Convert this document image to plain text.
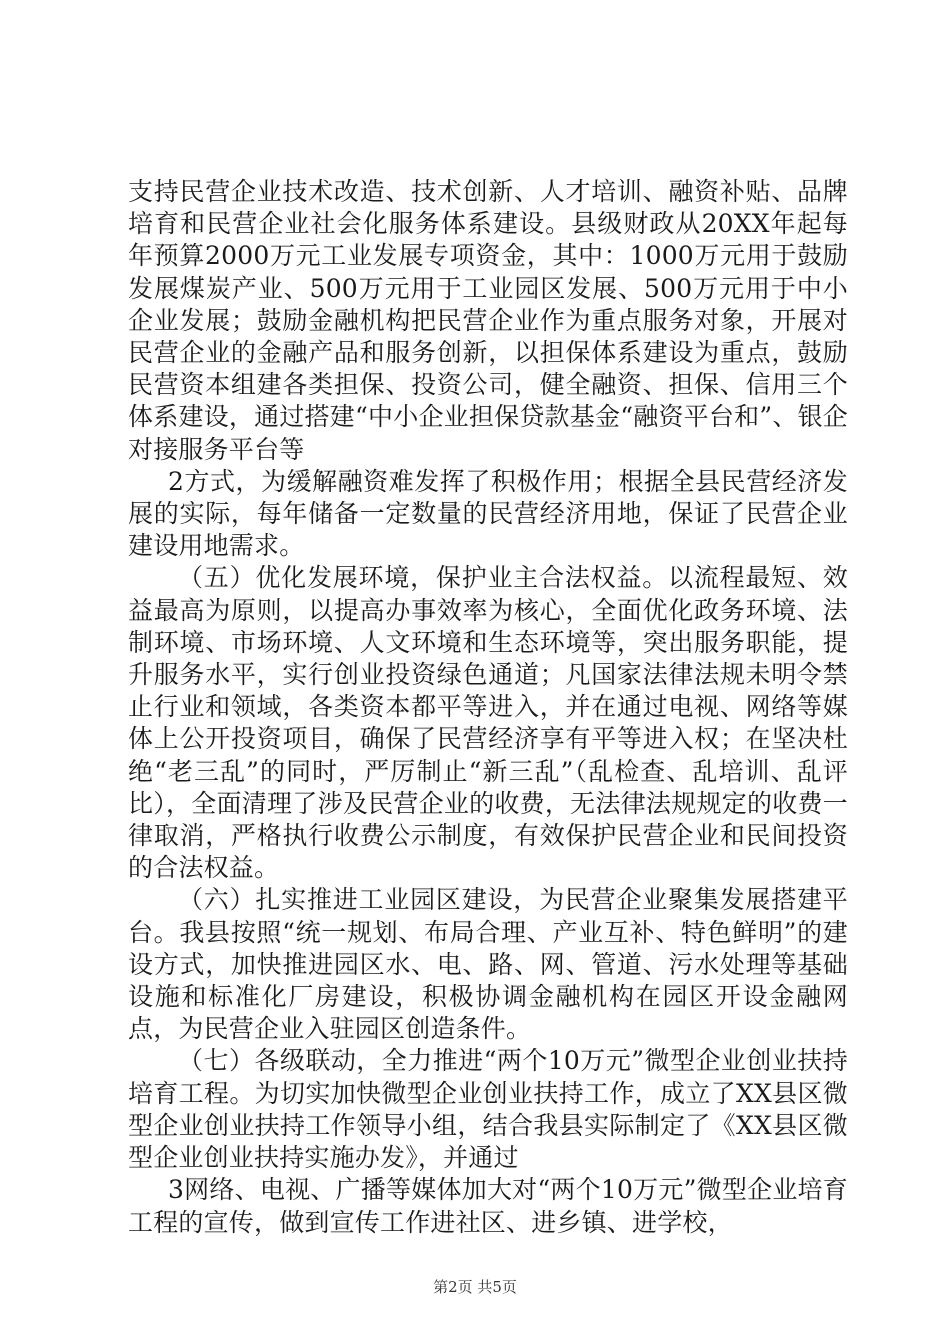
支持民营企业技术改造、技术创新、人才培训、融资补贴、品牌培育和民营企业社会化服务体系建设。县级财政从20XX年起每年预算2000万元工业发展专项资金，其中：1000万元用于鼓励发展煤炭产业、500万元用于工业园区发展、500万元用于中小企业发展；鼓励金融机构把民营企业作为重点服务对象，开展对民营企业的金融产品和服务创新，以担保体系建设为重点，鼓励民营资本组建各类担保、投资公司，健全融资、担保、信用三个体系建设，通过搭建“中小企业担保贷款基金“融资平台和”、银企对接服务平台等

2方式，为缓解融资难发挥了积极作用；根据全县民营经济发展的实际，每年储备一定数量的民营经济用地，保证了民营企业建设用地需求。

（五）优化发展环境，保护业主合法权益。以流程最短、效益最高为原则，以提高办事效率为核心，全面优化政务环境、法制环境、市场环境、人文环境和生态环境等，突出服务职能，提升服务水平，实行创业投资绿色通道；凡国家法律法规未明令禁止行业和领域，各类资本都平等进入，并在通过电视、网络等媒体上公开投资项目，确保了民营经济享有平等进入权；在坚决杜绝“老三乱”的同时，严厉制止“新三乱”（乱检查、乱培训、乱评比），全面清理了涉及民营企业的收费，无法律法规规定的收费一律取消，严格执行收费公示制度，有效保护民营企业和民间投资的合法权益。

（六）扎实推进工业园区建设，为民营企业聚集发展搭建平台。我县按照“统一规划、布局合理、产业互补、特色鲜明”的建设方式，加快推进园区水、电、路、网、管道、污水处理等基础设施和标准化厂房建设，积极协调金融机构在园区开设金融网点，为民营企业入驻园区创造条件。

（七）各级联动，全力推进“两个10万元”微型企业创业扶持培育工程。为切实加快微型企业创业扶持工作，成立了XX县区微型企业创业扶持工作领导小组，结合我县实际制定了《XX县区微型企业创业扶持实施办发》，并通过

3网络、电视、广播等媒体加大对“两个10万元”微型企业培育工程的宣传，做到宣传工作进社区、进乡镇、进学校，

第2页 共5页
